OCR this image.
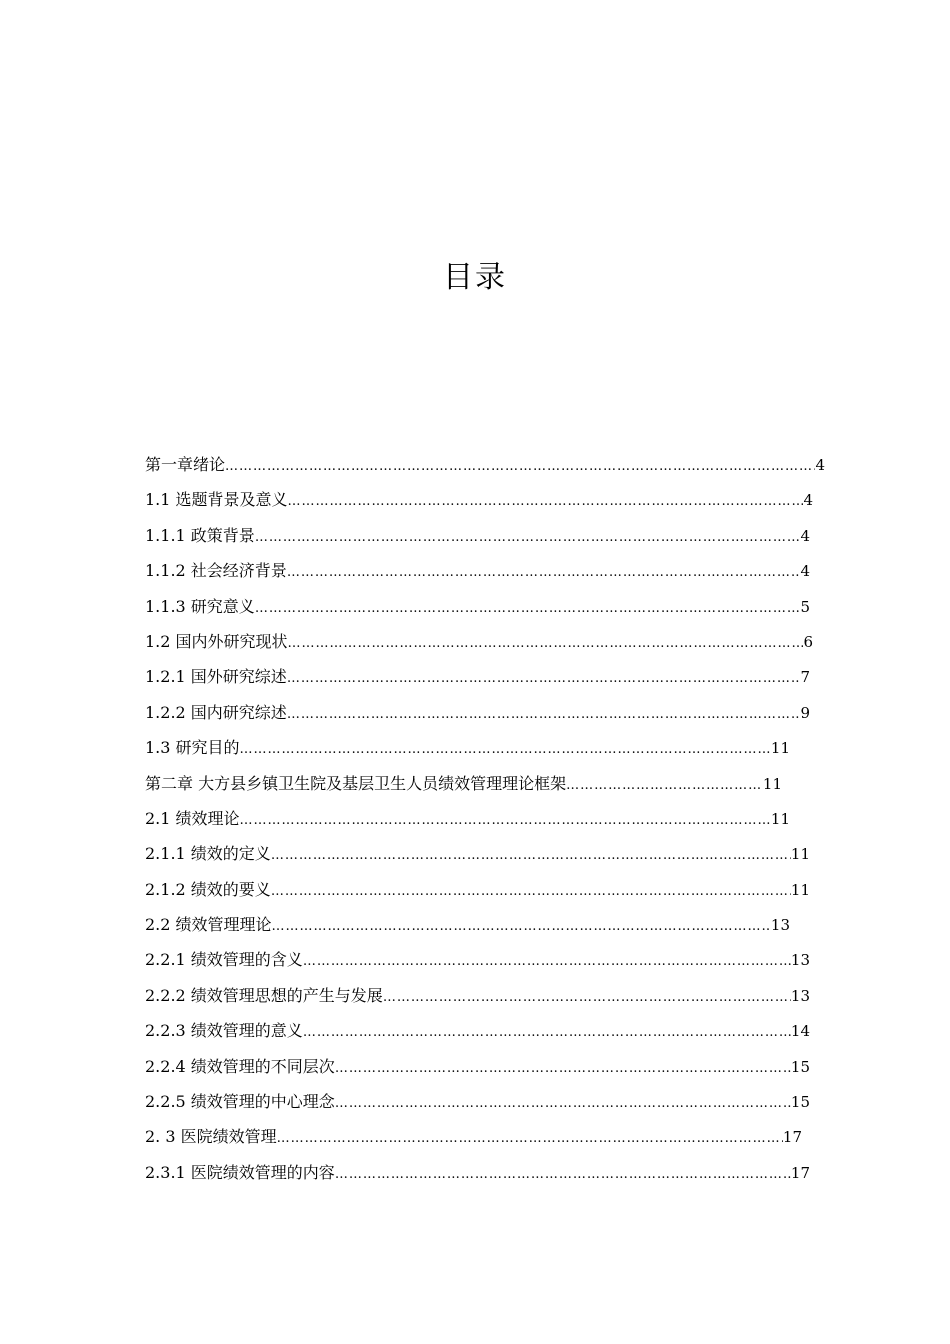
目录
第一章绪论 ……………………………………………………………………………………………………………………………………………………………………………………………………………………………………	4
1.1 选题背景及意义 ……………………………………………………………………………………………………………………………………………………………………………………………………………………………………	4
1.1.1 政策背景 ……………………………………………………………………………………………………………………………………………………………………………………………………………………………………	4
1.1.2 社会经济背景 ……………………………………………………………………………………………………………………………………………………………………………………………………………………………………	4
1.1.3 研究意义 ……………………………………………………………………………………………………………………………………………………………………………………………………………………………………	5
1.2 国内外研究现状 ……………………………………………………………………………………………………………………………………………………………………………………………………………………………………	6
1.2.1 国外研究综述 ……………………………………………………………………………………………………………………………………………………………………………………………………………………………………	7
1.2.2 国内研究综述 ……………………………………………………………………………………………………………………………………………………………………………………………………………………………………	9
1.3 研究目的 ……………………………………………………………………………………………………………………………………………………………………………………………………………………………………	11
第二章 大方县乡镇卫生院及基层卫生人员绩效管理理论框架 ……………………………………………………………………………………………………………………………………………………………………………………………………………………………………	11
2.1 绩效理论 ……………………………………………………………………………………………………………………………………………………………………………………………………………………………………	11
2.1.1 绩效的定义 ……………………………………………………………………………………………………………………………………………………………………………………………………………………………………	11
2.1.2 绩效的要义 ……………………………………………………………………………………………………………………………………………………………………………………………………………………………………	11
2.2 绩效管理理论 ……………………………………………………………………………………………………………………………………………………………………………………………………………………………………	13
2.2.1 绩效管理的含义 ……………………………………………………………………………………………………………………………………………………………………………………………………………………………………	13
2.2.2 绩效管理思想的产生与发展 ……………………………………………………………………………………………………………………………………………………………………………………………………………………………………	13
2.2.3 绩效管理的意义 ……………………………………………………………………………………………………………………………………………………………………………………………………………………………………	14
2.2.4 绩效管理的不同层次 ……………………………………………………………………………………………………………………………………………………………………………………………………………………………………	15
2.2.5 绩效管理的中心理念 ……………………………………………………………………………………………………………………………………………………………………………………………………………………………………	15
2. 3 医院绩效管理 ……………………………………………………………………………………………………………………………………………………………………………………………………………………………………	17
2.3.1 医院绩效管理的内容 ……………………………………………………………………………………………………………………………………………………………………………………………………………………………………	17
